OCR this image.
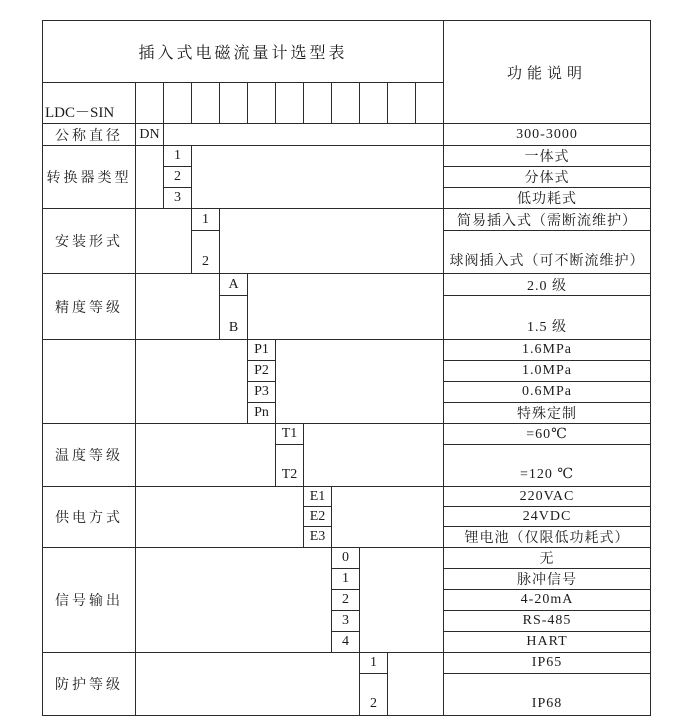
插入式电磁流量计选型表												功能说明
LDC－SIN												
公称直径	DN											300-3000
转换器类型		1										一体式
		2										分体式
		3										低功耗式
安装形式			1									简易插入式（需断流维护）
			2									球阀插入式（可不断流维护）
精度等级				A								2.0 级
				B								1.5 级
					P1							1.6MPa
					P2							1.0MPa
					P3							0.6MPa
					Pn							特殊定制
温度等级						T1						=60℃
						T2						=120 ℃
供电方式							E1					220VAC
							E2					24VDC
							E3					锂电池（仅限低功耗式）
信号输出								0				无
								1				脉冲信号
								2				4-20mA
								3				RS-485
								4				HART
防护等级									1			IP65
									2			IP68
